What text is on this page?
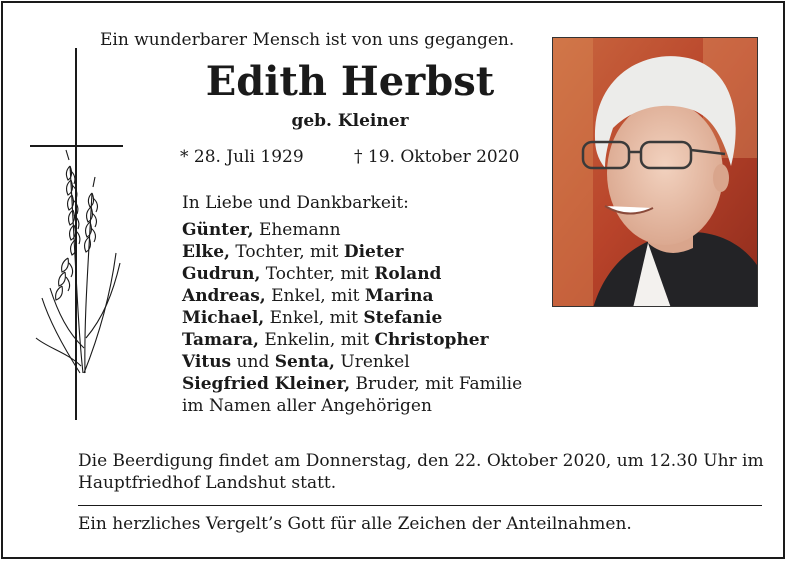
Ein wunderbarer Mensch ist von uns gegangen.
Edith Herbst
geb. Kleiner
* 28. Juli 1929	† 19. Oktober 2020
In Liebe und Dankbarkeit:
Günter, Ehemann
Elke, Tochter, mit Dieter
Gudrun, Tochter, mit Roland
Andreas, Enkel, mit Marina
Michael, Enkel, mit Stefanie
Tamara, Enkelin, mit Christopher
Vitus und Senta, Urenkel
Siegfried Kleiner, Bruder, mit Familie
im Namen aller Angehörigen
Die Beerdigung findet am Donnerstag, den 22. Oktober 2020, um 12.30 Uhr im Hauptfriedhof Landshut statt.
Ein herzliches Vergelt’s Gott für alle Zeichen der Anteilnahmen.
